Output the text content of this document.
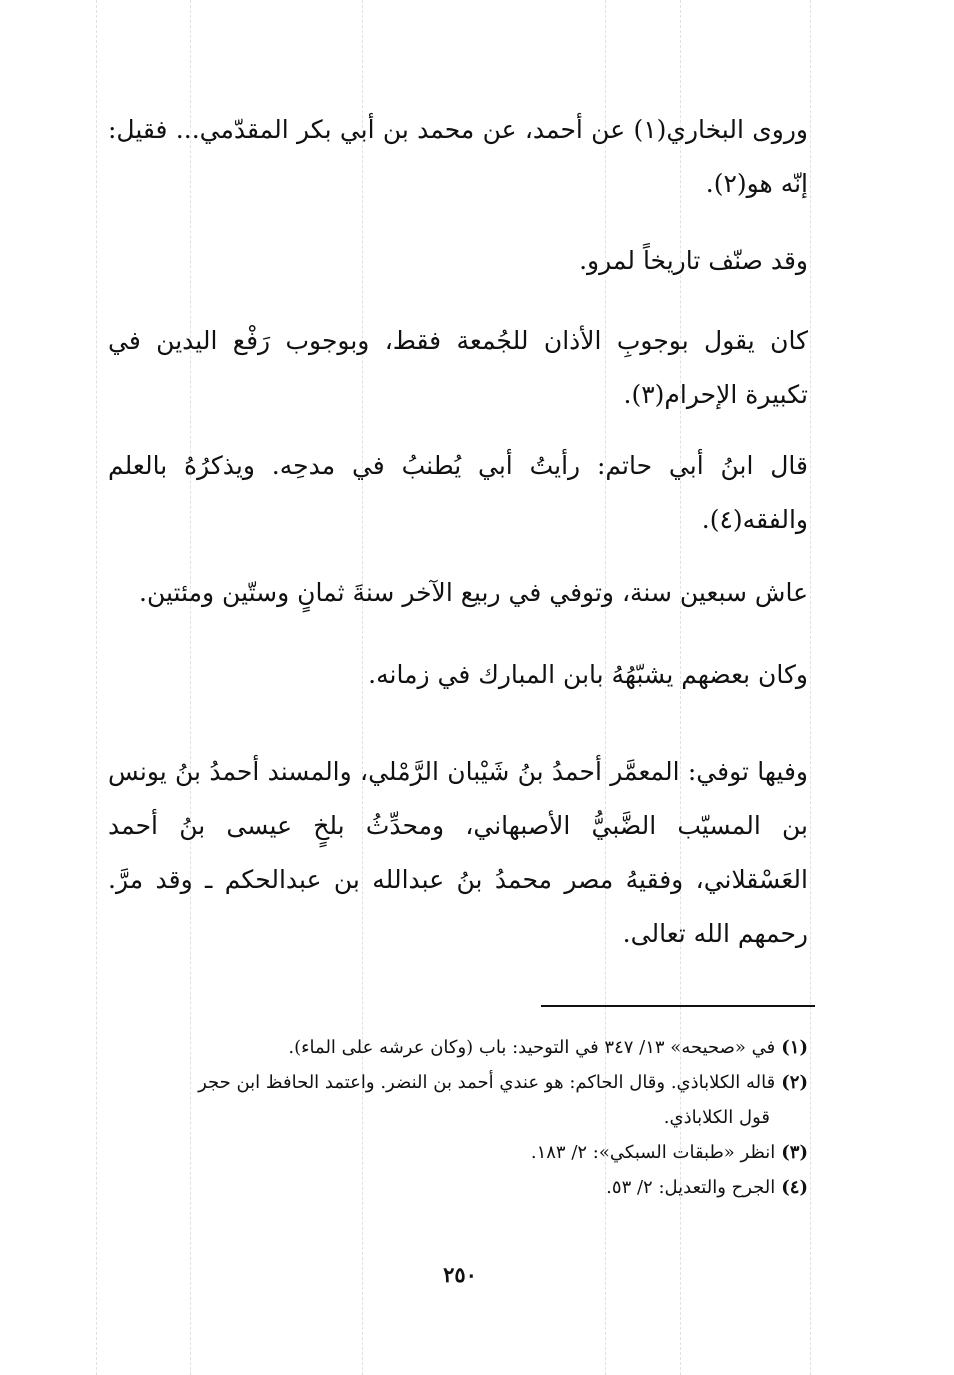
وروى البخاري(١) عن أحمد، عن محمد بن أبي بكر المقدّمي... فقيل: إنّه هو(٢).

وقد صنّف تاريخاً لمرو.

كان يقول بوجوبِ الأذان للجُمعة فقط، وبوجوب رَفْع اليدين في تكبيرة الإحرام(٣).

قال ابنُ أبي حاتم: رأيتُ أبي يُطنبُ في مدحِه. ويذكرُهُ بالعلم والفقه(٤).

عاش سبعين سنة، وتوفي في ربيع الآخر سنةَ ثمانٍ وستّين ومئتين.

وكان بعضهم يشبّهُهُ بابن المبارك في زمانه.

وفيها توفي: المعمَّر أحمدُ بنُ شَيْبان الرَّمْلي، والمسند أحمدُ بنُ يونس بن المسيّب الضَّبيُّ الأصبهاني، ومحدِّثُ بلخٍ عيسى بنُ أحمد العَسْقلاني، وفقيهُ مصر محمدُ بنُ عبدالله بن عبدالحكم ـ وقد مرَّ. رحمهم الله تعالى.

(١)في «صحيحه» ١٣/ ٣٤٧ في التوحيد: باب (وكان عرشه على الماء).
(٢)قاله الكلاباذي. وقال الحاكم: هو عندي أحمد بن النضر. واعتمد الحافظ ابن حجر
قول الكلاباذي.
(٣)انظر «طبقات السبكي»: ٢/ ١٨٣.
(٤)الجرح والتعديل: ٢/ ٥٣.
٢٥٠
